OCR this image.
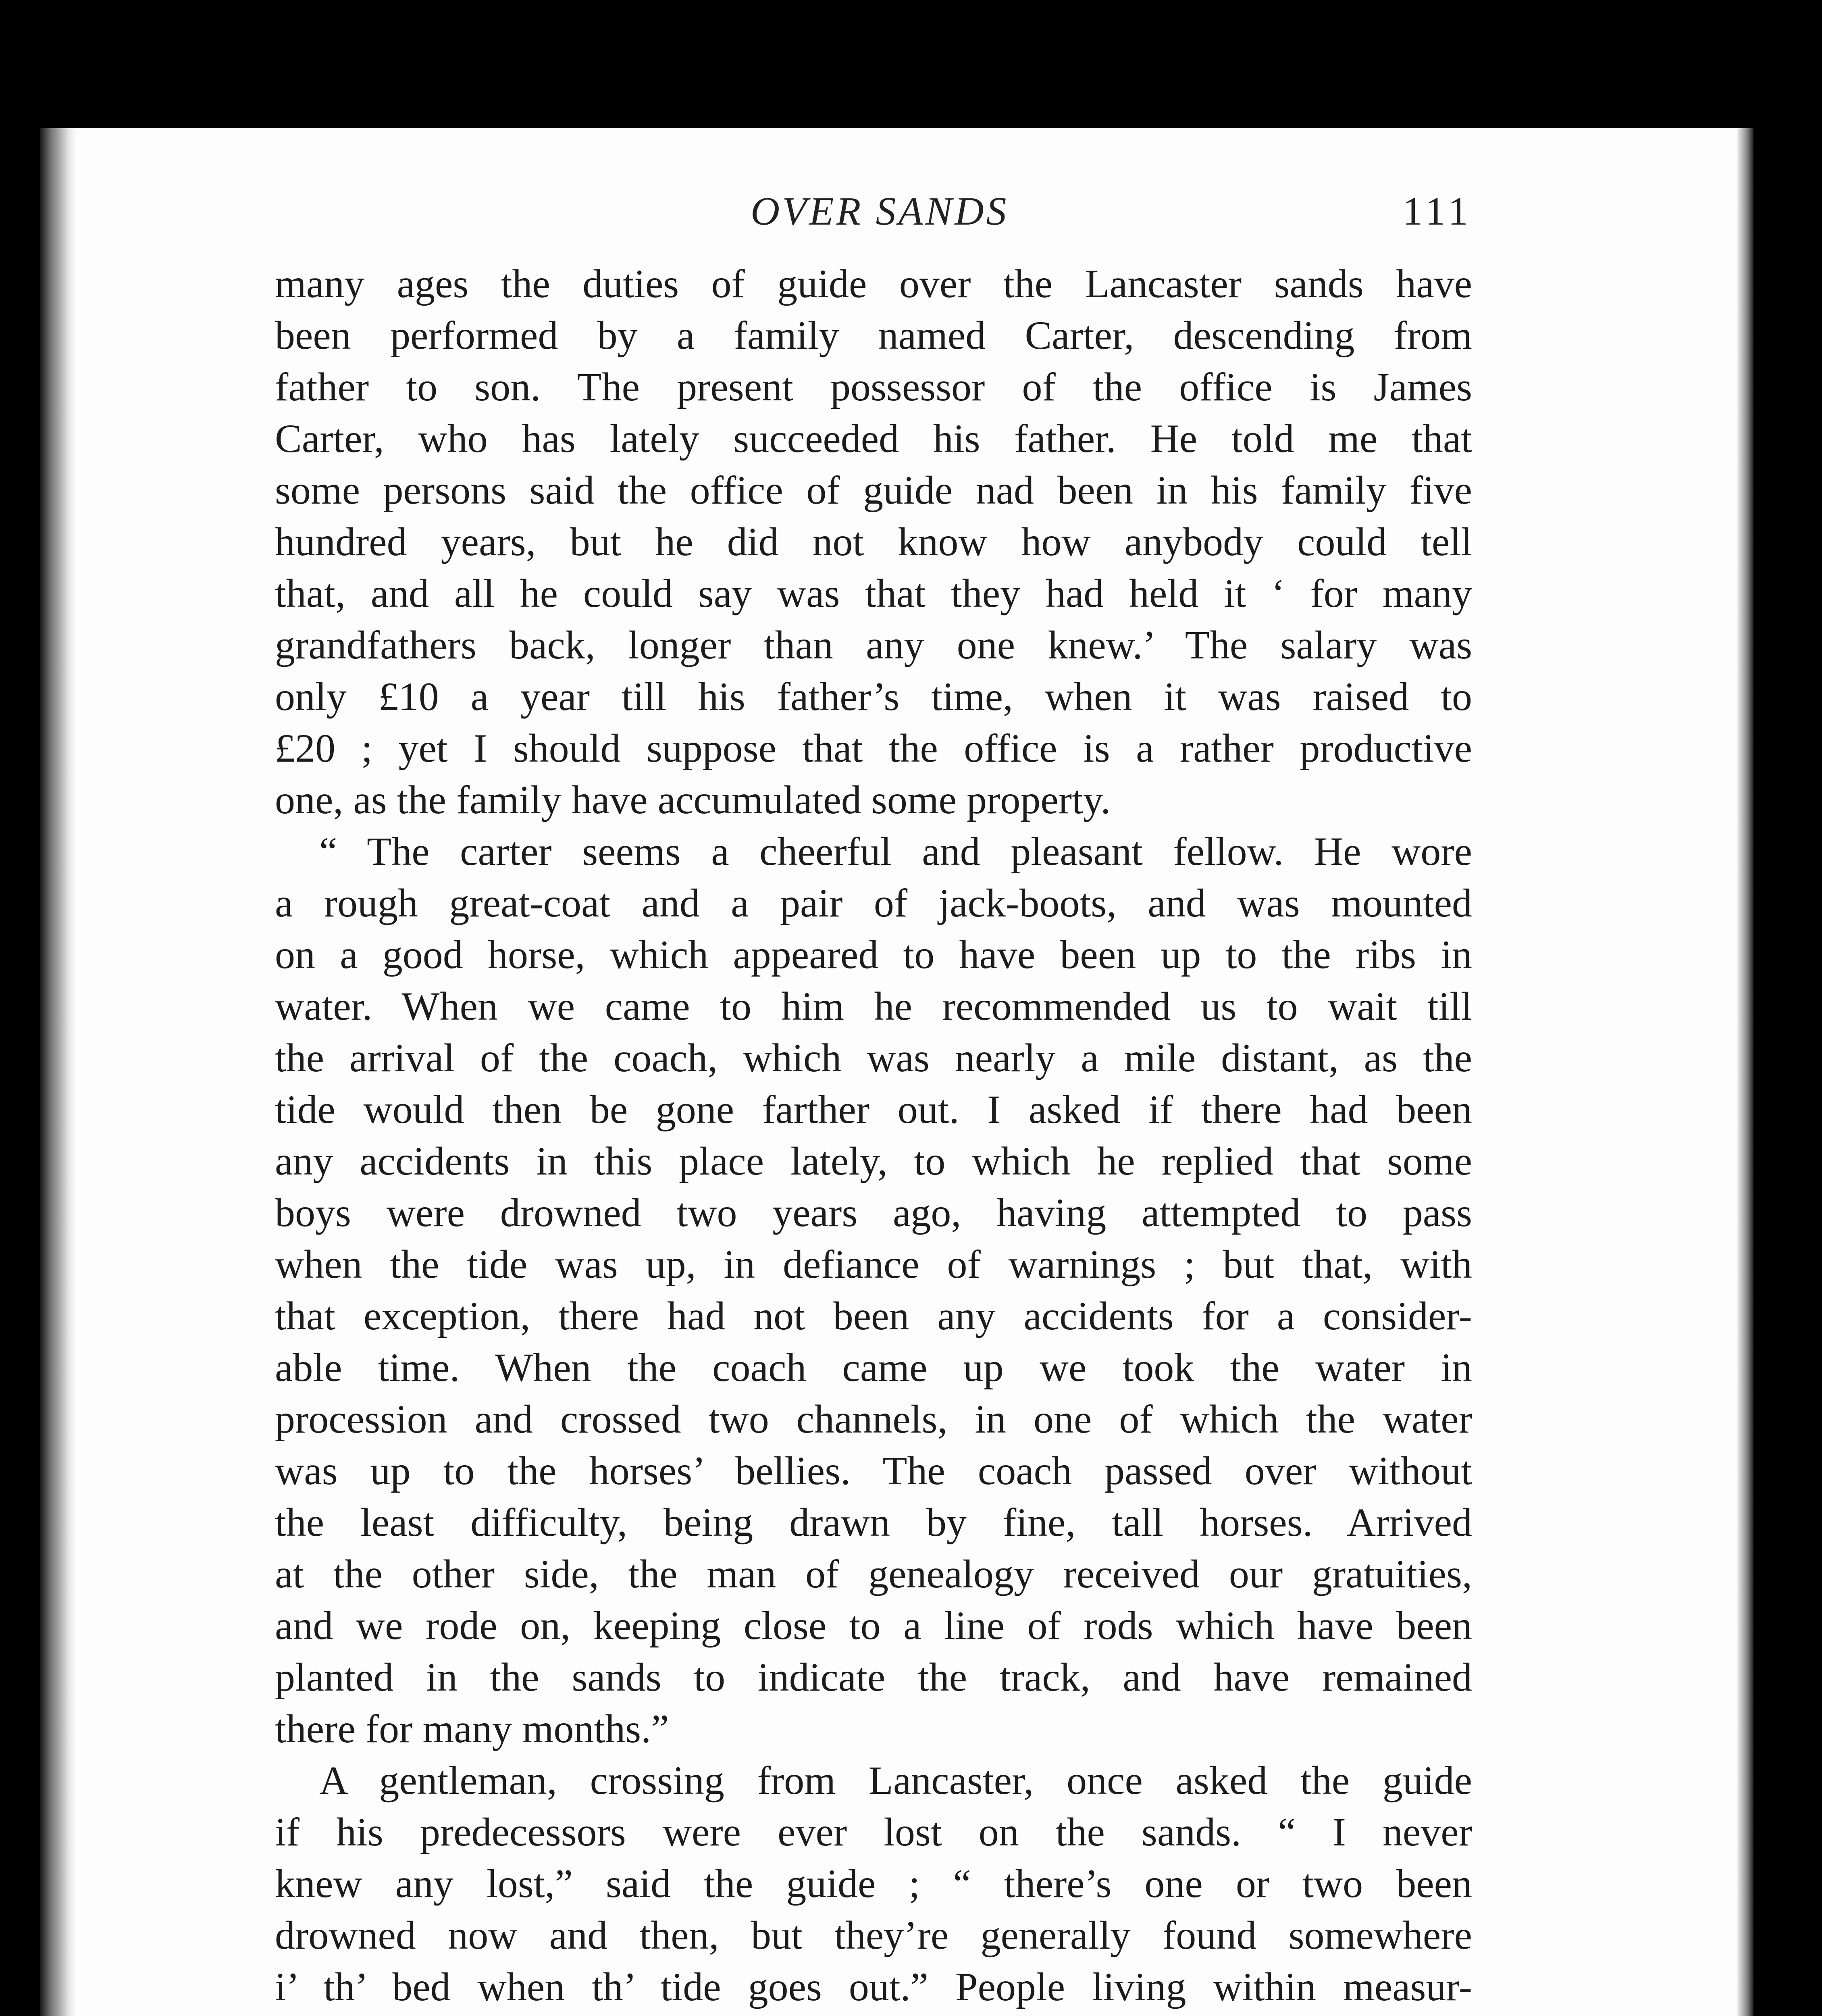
OVER SANDS	111
many ages the duties of guide over the Lancaster sands have
been performed by a family named Carter, descending from
father to son. The present possessor of the office is James
Carter, who has lately succeeded his father. He told me that
some persons said the office of guide nad been in his family five
hundred years, but he did not know how anybody could tell
that, and all he could say was that they had held it ‘ for many
grandfathers back, longer than any one knew.’ The salary was
only £10 a year till his father’s time, when it was raised to
£20 ; yet I should suppose that the office is a rather productive
one, as the family have accumulated some property.
“ The carter seems a cheerful and pleasant fellow. He wore
a rough great-coat and a pair of jack-boots, and was mounted
on a good horse, which appeared to have been up to the ribs in
water. When we came to him he recommended us to wait till
the arrival of the coach, which was nearly a mile distant, as the
tide would then be gone farther out. I asked if there had been
any accidents in this place lately, to which he replied that some
boys were drowned two years ago, having attempted to pass
when the tide was up, in defiance of warnings ; but that, with
that exception, there had not been any accidents for a consider-
able time. When the coach came up we took the water in
procession and crossed two channels, in one of which the water
was up to the horses’ bellies. The coach passed over without
the least difficulty, being drawn by fine, tall horses. Arrived
at the other side, the man of genealogy received our gratuities,
and we rode on, keeping close to a line of rods which have been
planted in the sands to indicate the track, and have remained
there for many months.”
A gentleman, crossing from Lancaster, once asked the guide
if his predecessors were ever lost on the sands. “ I never
knew any lost,” said the guide ; “ there’s one or two been
drowned now and then, but they’re generally found somewhere
i’ th’ bed when th’ tide goes out.” People living within measur-
